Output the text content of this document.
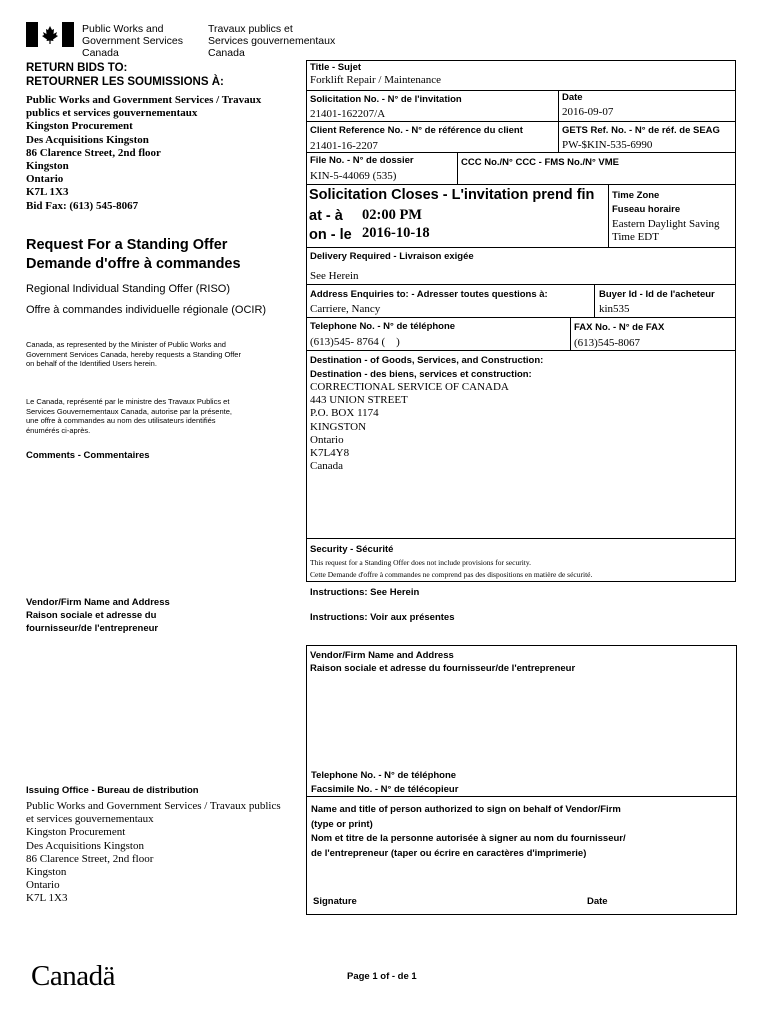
Public Works and
Government Services
Canada
Travaux publics et
Services gouvernementaux
Canada
RETURN BIDS TO:
RETOURNER LES SOUMISSIONS À:
Public Works and Government Services / Travaux
publics et services gouvernementaux
Kingston Procurement
Des Acquisitions Kingston
86 Clarence Street, 2nd floor
Kingston
Ontario
K7L 1X3
Bid Fax: (613) 545-8067
Request For a Standing Offer
Demande d'offre à commandes
Regional Individual Standing Offer (RISO)
Offre à commandes individuelle régionale (OCIR)
Canada, as represented by the Minister of Public Works and
Government Services Canada, hereby requests a Standing Offer
on behalf of the Identified Users herein.
Le Canada, représenté par le ministre des Travaux Publics et
Services Gouvernementaux Canada, autorise par la présente,
une offre à commandes au nom des utilisateurs identifiés
énumérés ci-après.
Comments - Commentaires
Vendor/Firm Name and Address
Raison sociale et adresse du
fournisseur/de l'entrepreneur
Issuing Office - Bureau de distribution
Public Works and Government Services / Travaux publics
et services gouvernementaux
Kingston Procurement
Des Acquisitions Kingston
86 Clarence Street, 2nd floor
Kingston
Ontario
K7L 1X3
Title - Sujet
Forklift Repair / Maintenance
Solicitation No. - N° de l'invitation
21401-162207/A
Date
2016-09-07
Client Reference No. - N° de référence du client
21401-16-2207
GETS Ref. No. - N° de réf. de SEAG
PW-$KIN-535-6990
File No. - N° de dossier
KIN-5-44069 (535)
CCC No./N° CCC - FMS No./N° VME
Solicitation Closes - L'invitation prend fin
at - à 02:00 PM
on - le 2016-10-18
Time Zone
Fuseau horaire
Eastern Daylight Saving
Time EDT
Delivery Required - Livraison exigée
See Herein
Address Enquiries to: - Adresser toutes questions à:
Carriere, Nancy
Buyer Id - Id de l'acheteur
kin535
Telephone No. - N° de téléphone
(613)545- 8764 (    )
FAX No. - N° de FAX
(613)545-8067
Destination - of Goods, Services, and Construction:
Destination - des biens, services et construction:
CORRECTIONAL SERVICE OF CANADA
443 UNION STREET
P.O. BOX 1174
KINGSTON
Ontario
K7L4Y8
Canada
Security - Sécurité
This request for a Standing Offer does not include provisions for security.
Cette Demande d'offre à commandes ne comprend pas des dispositions en matière de sécurité.
Instructions: See Herein
Instructions: Voir aux présentes
Vendor/Firm Name and Address
Raison sociale et adresse du fournisseur/de l'entrepreneur
Telephone No. - N° de téléphone
Facsimile No. - N° de télécopieur
Name and title of person authorized to sign on behalf of Vendor/Firm
(type or print)
Nom et titre de la personne autorisée à signer au nom du fournisseur/
de l'entrepreneur (taper ou écrire en caractères d'imprimerie)
Signature	Date
Canadä	Page 1 of - de 1
